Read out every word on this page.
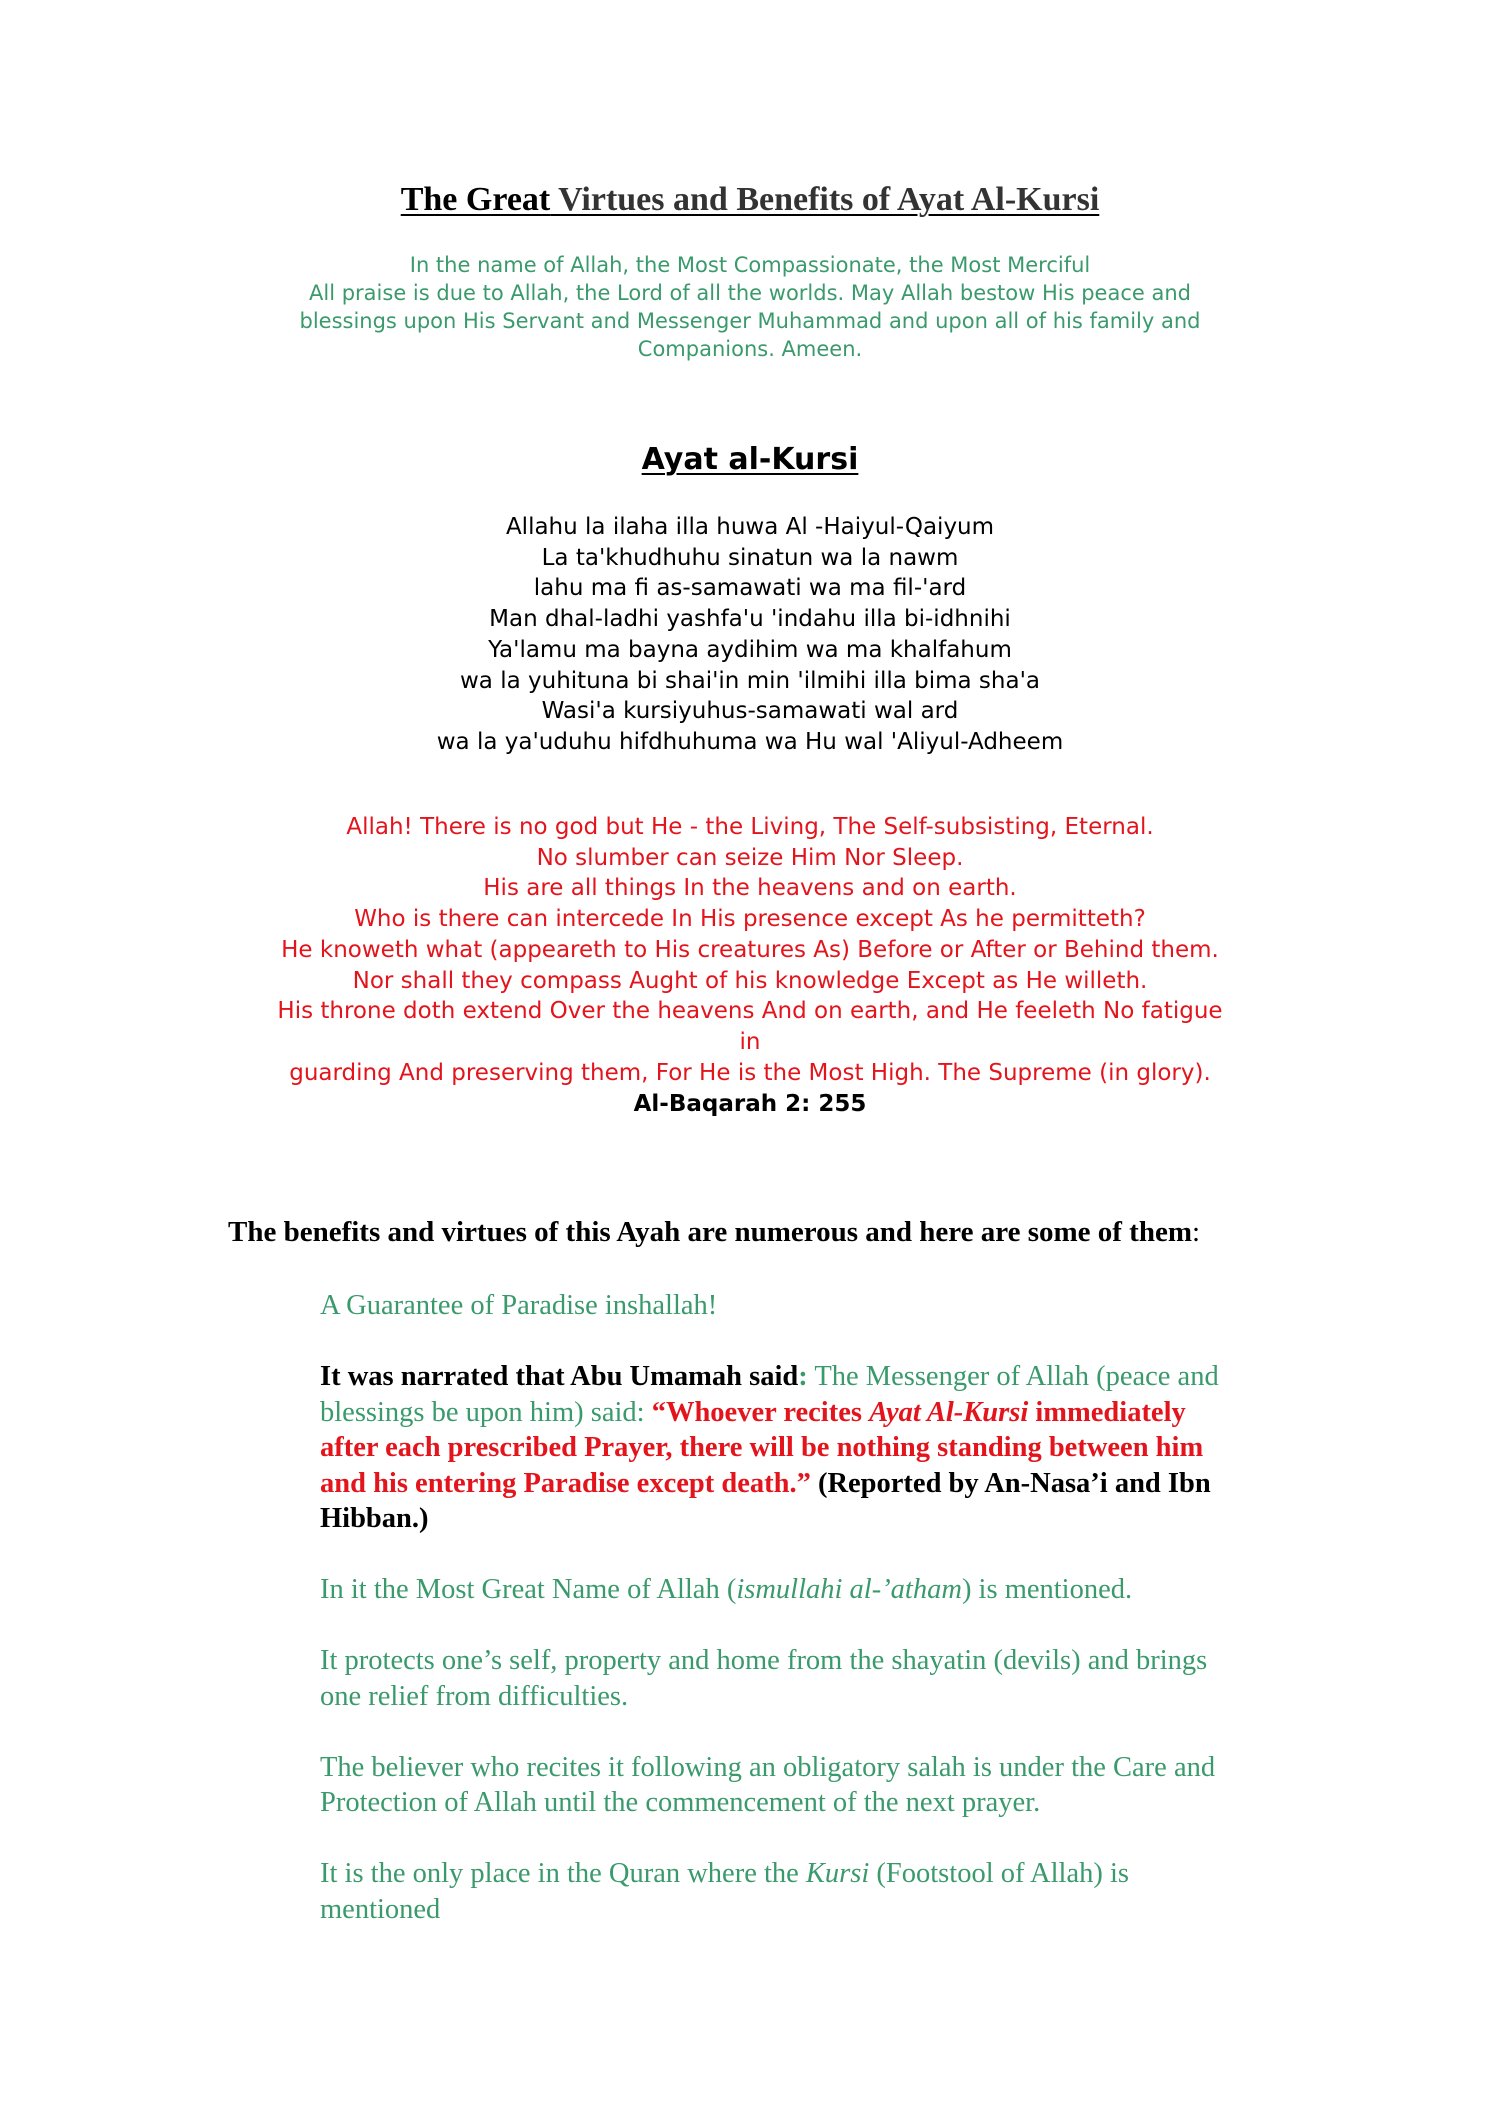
The Great Virtues and Benefits of Ayat Al-Kursi
In the name of Allah, the Most Compassionate, the Most Merciful
All praise is due to Allah, the Lord of all the worlds. May Allah bestow His peace and
blessings upon His Servant and Messenger Muhammad and upon all of his family and
Companions. Ameen.
Ayat al-Kursi
Allahu la ilaha illa huwa Al -Haiyul-Qaiyum
La ta'khudhuhu sinatun wa la nawm
lahu ma fi as-samawati wa ma fil-'ard
Man dhal-ladhi yashfa'u 'indahu illa bi-idhnihi
Ya'lamu ma bayna aydihim wa ma khalfahum
wa la yuhituna bi shai'in min 'ilmihi illa bima sha'a
Wasi'a kursiyuhus-samawati wal ard
wa la ya'uduhu hifdhuhuma wa Hu wal 'Aliyul-Adheem
Allah! There is no god but He - the Living, The Self-subsisting, Eternal.
No slumber can seize Him Nor Sleep.
His are all things In the heavens and on earth.
Who is there can intercede In His presence except As he permitteth?
He knoweth what (appeareth to His creatures As) Before or After or Behind them.
Nor shall they compass Aught of his knowledge Except as He willeth.
His throne doth extend Over the heavens And on earth, and He feeleth No fatigue
in
guarding And preserving them, For He is the Most High. The Supreme (in glory).
Al-Baqarah 2: 255
The benefits and virtues of this Ayah are numerous and here are some of them:
A Guarantee of Paradise inshallah!
It was narrated that Abu Umamah said: The Messenger of Allah (peace and
blessings be upon him) said: “Whoever recites Ayat Al-Kursi immediately
after each prescribed Prayer, there will be nothing standing between him
and his entering Paradise except death.” (Reported by An-Nasa’i and Ibn
Hibban.)
In it the Most Great Name of Allah (ismullahi al-’atham) is mentioned.
It protects one’s self, property and home from the shayatin (devils) and brings
one relief from difficulties.
The believer who recites it following an obligatory salah is under the Care and
Protection of Allah until the commencement of the next prayer.
It is the only place in the Quran where the Kursi (Footstool of Allah) is
mentioned
